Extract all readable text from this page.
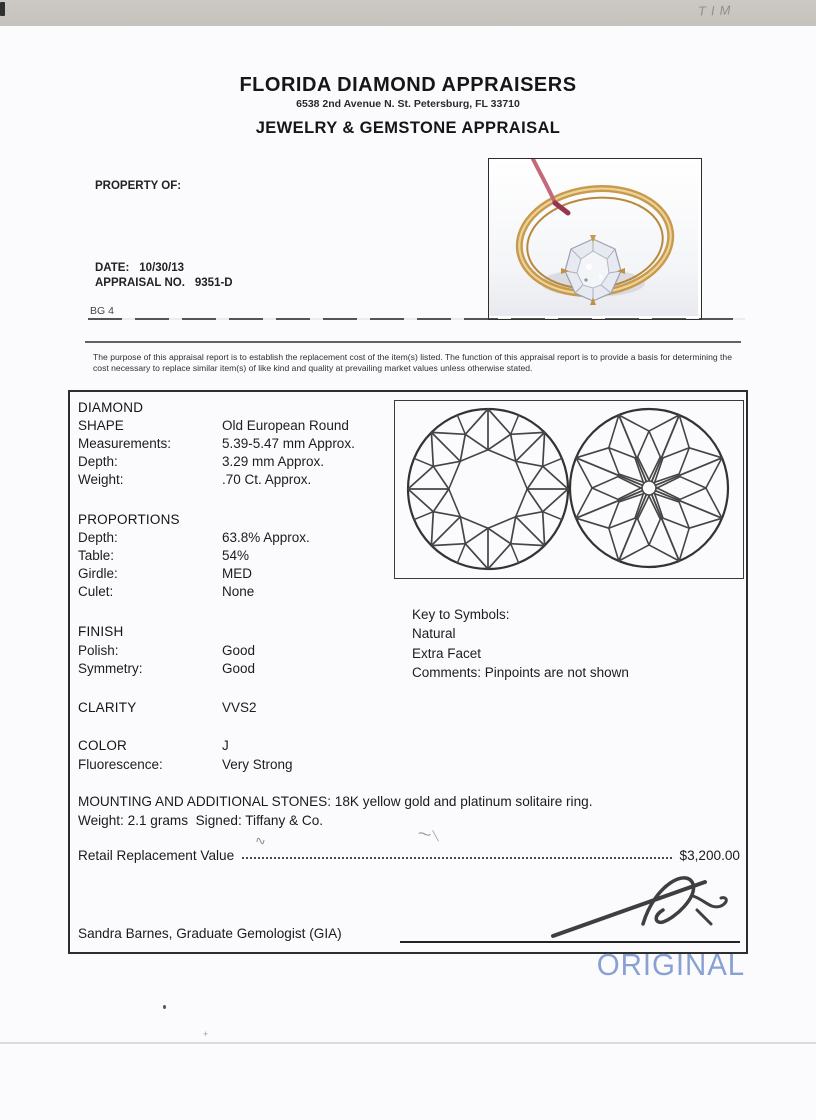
TIM
FLORIDA DIAMOND APPRAISERS
6538 2nd Avenue N. St. Petersburg, FL 33710
JEWELRY & GEMSTONE APPRAISAL
PROPERTY OF:
DATE: 10/30/13
APPRAISAL NO. 9351-D
BG 4
The purpose of this appraisal report is to establish the replacement cost of the item(s) listed. The function of this appraisal report is to provide a basis for determining the
cost necessary to replace similar item(s) of like kind and quality at prevailing market values unless otherwise stated.
DIAMOND
SHAPE	Old European Round
Measurements:	5.39-5.47 mm Approx.
Depth:	3.29 mm Approx.
Weight:	.70 Ct. Approx.
PROPORTIONS
Depth:	63.8% Approx.
Table:	54%
Girdle:	MED
Culet:	None
FINISH
Polish:	Good
Symmetry:	Good
CLARITY	VVS2
COLOR	J
Fluorescence:	Very Strong
Key to Symbols:
Natural
Extra Facet
Comments: Pinpoints are not shown
MOUNTING AND ADDITIONAL STONES: 18K yellow gold and platinum solitaire ring.
Weight: 2.1 grams  Signed: Tiffany & Co.
∿	⁓⟍
Retail Replacement Value	$3,200.00
Sandra Barnes, Graduate Gemologist (GIA)
ORIGINAL
+
